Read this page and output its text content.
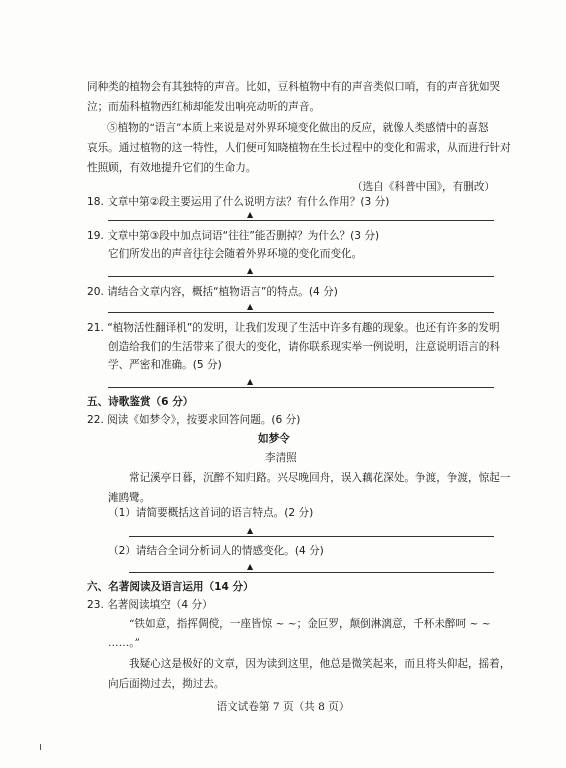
同种类的植物会有其独特的声音。比如，豆科植物中有的声音类似口哨，有的声音犹如哭
泣；而茄科植物西红柿却能发出响亮动听的声音。
⑤植物的“语言”本质上来说是对外界环境变化做出的反应，就像人类感情中的喜怒
哀乐。通过植物的这一特性，人们便可知晓植物在生长过程中的变化和需求，从而进行针对
性照顾，有效地提升它们的生命力。
（选自《科普中国》，有删改）
18. 文章中第②段主要运用了什么说明方法？有什么作用？(3 分)
▲
19. 文章中第③段中加点词语“往往”能否删掉？为什么？(3 分)
它们所发出的声音往往会随着外界环境的变化而变化。
▲
20. 请结合文章内容，概括“植物语言”的特点。(4 分)
▲
21. “植物活性翻译机”的发明，让我们发现了生活中许多有趣的现象。也还有许多的发明
创造给我们的生活带来了很大的变化，请你联系现实举一例说明，注意说明语言的科
学、严密和准确。(5 分)
▲
五、诗歌鉴赏（6 分）
22. 阅读《如梦令》，按要求回答问题。(6 分)
如梦令
李清照
常记溪亭日暮，沉醉不知归路。兴尽晚回舟，误入藕花深处。争渡，争渡，惊起一
滩鸥鹭。
（1）请简要概括这首词的语言特点。(2 分)
▲
（2）请结合全词分析词人的情感变化。(4 分)
▲
六、名著阅读及语言运用（14 分）
23. 名著阅读填空（4 分）
“铁如意，指挥倜傥，一座皆惊 ~ ~；金叵罗，颠倒淋漓意，千杯未醉呵 ~ ~
……。”
我疑心这是极好的文章，因为读到这里，他总是微笑起来，而且将头仰起，摇着，
向后面拗过去，拗过去。
语文试卷第 7 页（共 8 页）
